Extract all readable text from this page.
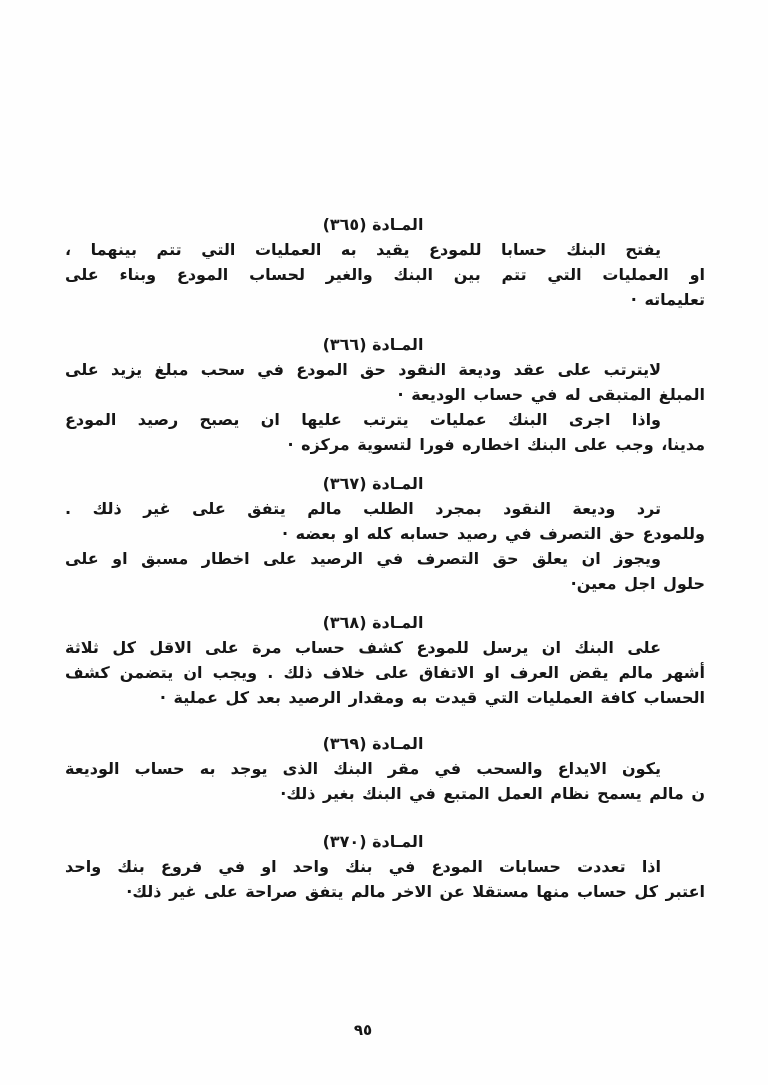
المـادة (٣٦٥)
يفتح البنك حسابا للمودع يقيد به العمليات التي تتم بينهما ،
او العمليات التي تتم بين البنك والغير لحساب المودع وبناء على
تعليماته ·
المـادة (٣٦٦)
لايترتب على عقد وديعة النقود حق المودع في سحب مبلغ يزيد على
المبلغ المتبقى له في حساب الوديعة ·
واذا اجرى البنك عمليات يترتب عليها ان يصبح رصيد المودع
مدينا، وجب على البنك اخطاره فورا لتسوية مركزه ·
المـادة (٣٦٧)
ترد وديعة النقود بمجرد الطلب مالم يتفق على غير ذلك .
وللمودع حق التصرف في رصيد حسابه كله او بعضه ·
ويجوز ان يعلق حق التصرف في الرصيد على اخطار مسبق او على
حلول اجل معين·
المـادة (٣٦٨)
على البنك ان يرسل للمودع كشف حساب مرة على الاقل كل ثلاثة
أشهر مالم يقض العرف او الاتفاق على خلاف ذلك . ويجب ان يتضمن كشف
الحساب كافة العمليات التي قيدت به ومقدار الرصيد بعد كل عملية ·
المـادة (٣٦٩)
يكون الايداع والسحب في مقر البنك الذى يوجد به حساب الوديعة
ن مالم يسمح نظام العمل المتبع في البنك بغير ذلك·
المـادة (٣٧٠)
اذا تعددت حسابات المودع في بنك واحد او في فروع بنك واحد
اعتبر كل حساب منها مستقلا عن الاخر مالم يتفق صراحة على غير ذلك·
٩٥
